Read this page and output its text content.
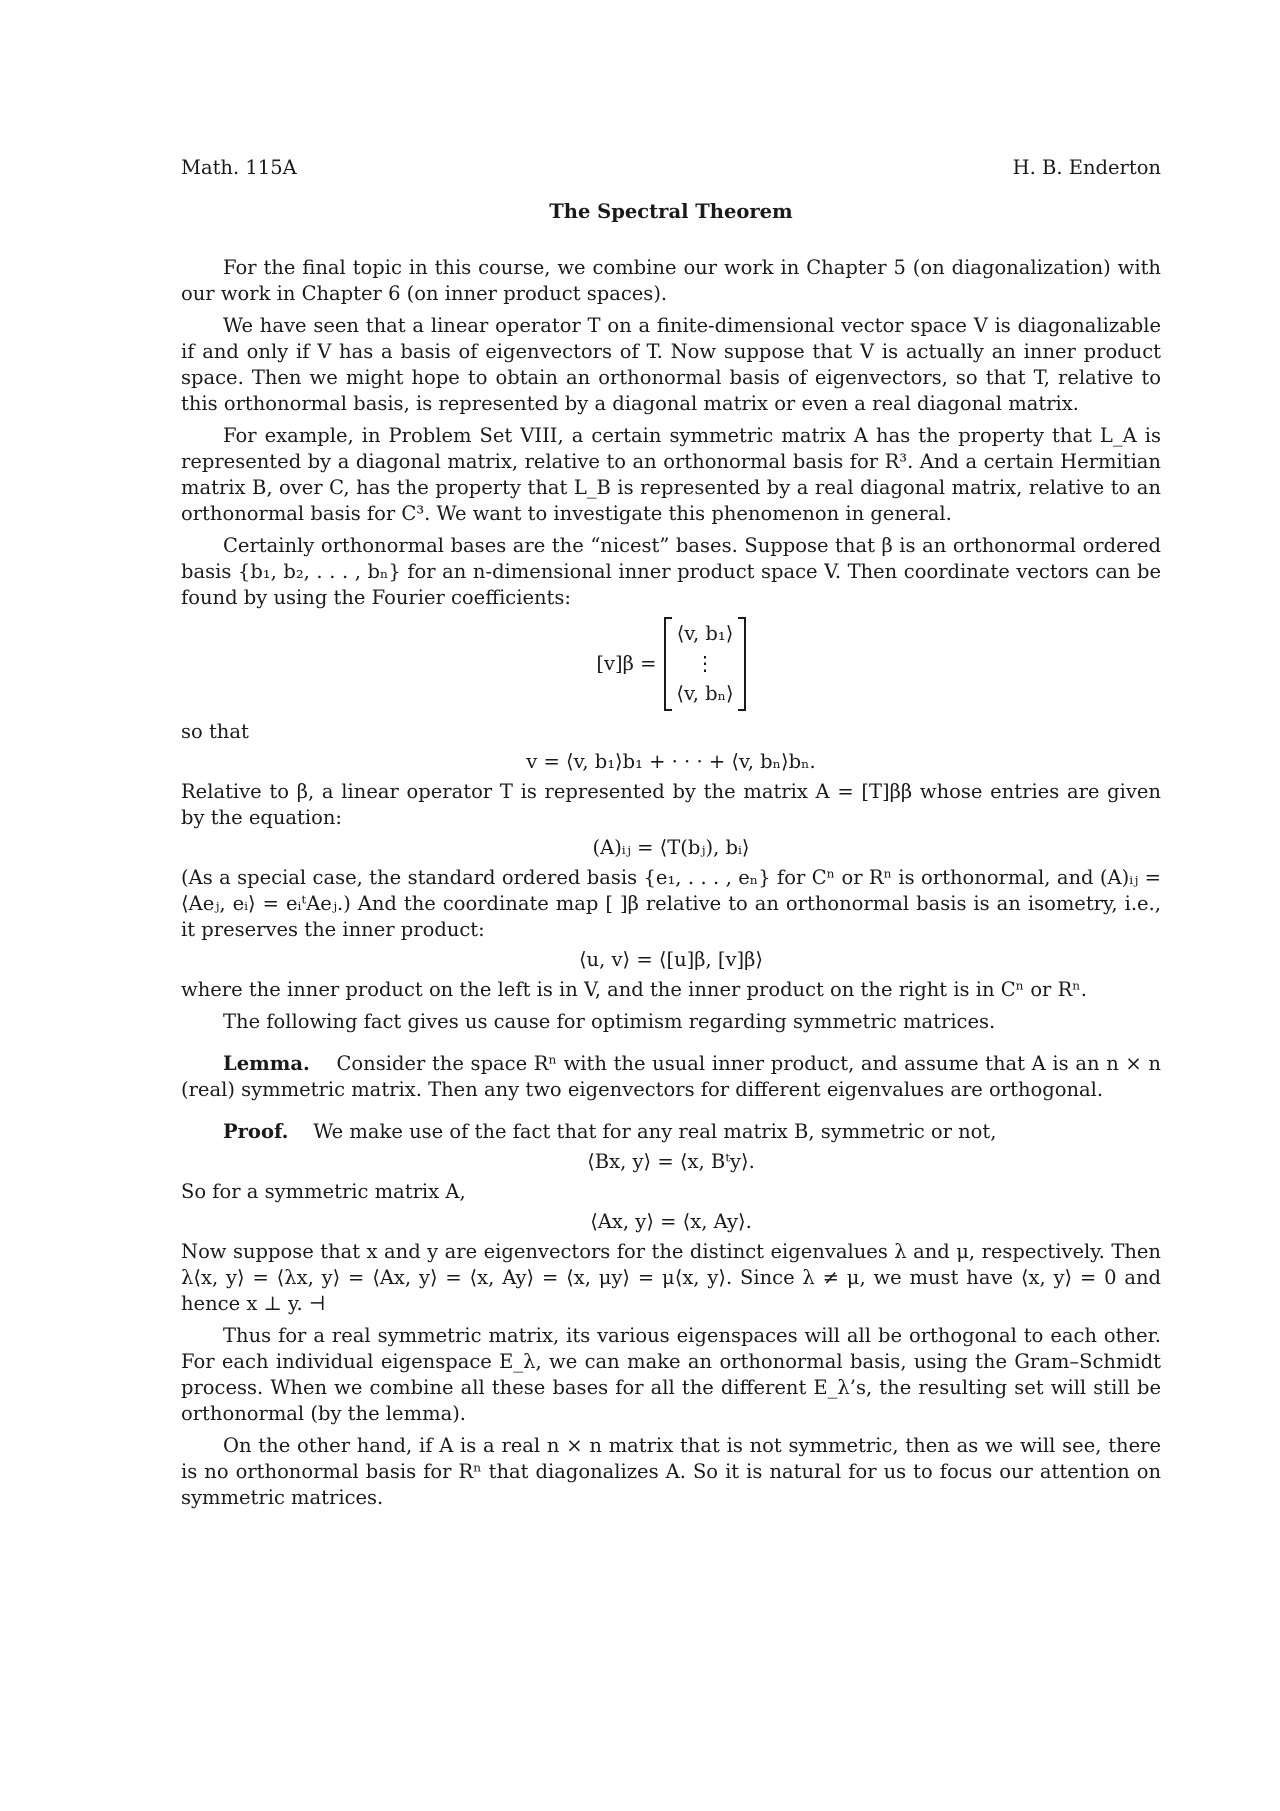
Math. 115A	H. B. Enderton
The Spectral Theorem

For the final topic in this course, we combine our work in Chapter 5 (on diagonalization) with our work in Chapter 6 (on inner product spaces).

We have seen that a linear operator T on a finite-dimensional vector space V is diagonalizable if and only if V has a basis of eigenvectors of T. Now suppose that V is actually an inner product space. Then we might hope to obtain an orthonormal basis of eigenvectors, so that T, relative to this orthonormal basis, is represented by a diagonal matrix or even a real diagonal matrix.

For example, in Problem Set VIII, a certain symmetric matrix A has the property that L_A is represented by a diagonal matrix, relative to an orthonormal basis for R³. And a certain Hermitian matrix B, over C, has the property that L_B is represented by a real diagonal matrix, relative to an orthonormal basis for C³. We want to investigate this phenomenon in general.

Certainly orthonormal bases are the “nicest” bases. Suppose that β is an orthonormal ordered basis {b₁, b₂, . . . , bₙ} for an n-dimensional inner product space V. Then coordinate vectors can be found by using the Fourier coefficients:

[v]β =
⟨v, b₁⟩
⋮
⟨v, bₙ⟩

so that

v = ⟨v, b₁⟩b₁ + · · · + ⟨v, bₙ⟩bₙ.

Relative to β, a linear operator T is represented by the matrix A = [T]ββ whose entries are given by the equation:

(A)ᵢⱼ = ⟨T(bⱼ), bᵢ⟩

(As a special case, the standard ordered basis {e₁, . . . , eₙ} for Cⁿ or Rⁿ is orthonormal, and (A)ᵢⱼ = ⟨Aeⱼ, eᵢ⟩ = eᵢᵗAeⱼ.) And the coordinate map [ ]β relative to an orthonormal basis is an isometry, i.e., it preserves the inner product:

⟨u, v⟩ = ⟨[u]β, [v]β⟩

where the inner product on the left is in V, and the inner product on the right is in Cⁿ or Rⁿ.

The following fact gives us cause for optimism regarding symmetric matrices.

Lemma. Consider the space Rⁿ with the usual inner product, and assume that A is an n × n (real) symmetric matrix. Then any two eigenvectors for different eigenvalues are orthogonal.

Proof. We make use of the fact that for any real matrix B, symmetric or not,

⟨Bx, y⟩ = ⟨x, Bᵗy⟩.

So for a symmetric matrix A,

⟨Ax, y⟩ = ⟨x, Ay⟩.

Now suppose that x and y are eigenvectors for the distinct eigenvalues λ and μ, respectively. Then λ⟨x, y⟩ = ⟨λx, y⟩ = ⟨Ax, y⟩ = ⟨x, Ay⟩ = ⟨x, μy⟩ = μ⟨x, y⟩. Since λ ≠ μ, we must have ⟨x, y⟩ = 0 and hence x ⊥ y. ⊣

Thus for a real symmetric matrix, its various eigenspaces will all be orthogonal to each other. For each individual eigenspace E_λ, we can make an orthonormal basis, using the Gram–Schmidt process. When we combine all these bases for all the different E_λ’s, the resulting set will still be orthonormal (by the lemma).

On the other hand, if A is a real n × n matrix that is not symmetric, then as we will see, there is no orthonormal basis for Rⁿ that diagonalizes A. So it is natural for us to focus our attention on symmetric matrices.
